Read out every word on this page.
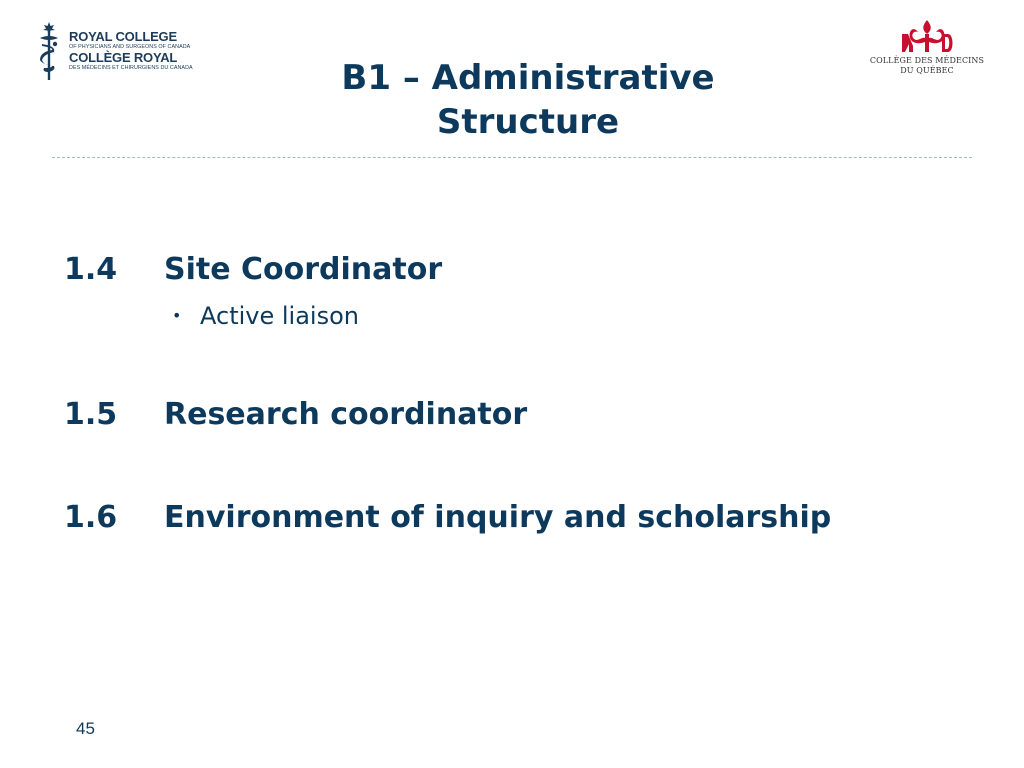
ROYAL COLLEGE
OF PHYSICIANS AND SURGEONS OF CANADA
COLLÈGE ROYAL
DES MÉDECINS ET CHIRURGIENS DU CANADA
COLLÈGE DES MÉDECINS
DU QUÉBEC
B1 – Administrative
Structure
1.4 Site Coordinator
• Active liaison
1.5 Research coordinator
1.6 Environment of inquiry and scholarship
45
